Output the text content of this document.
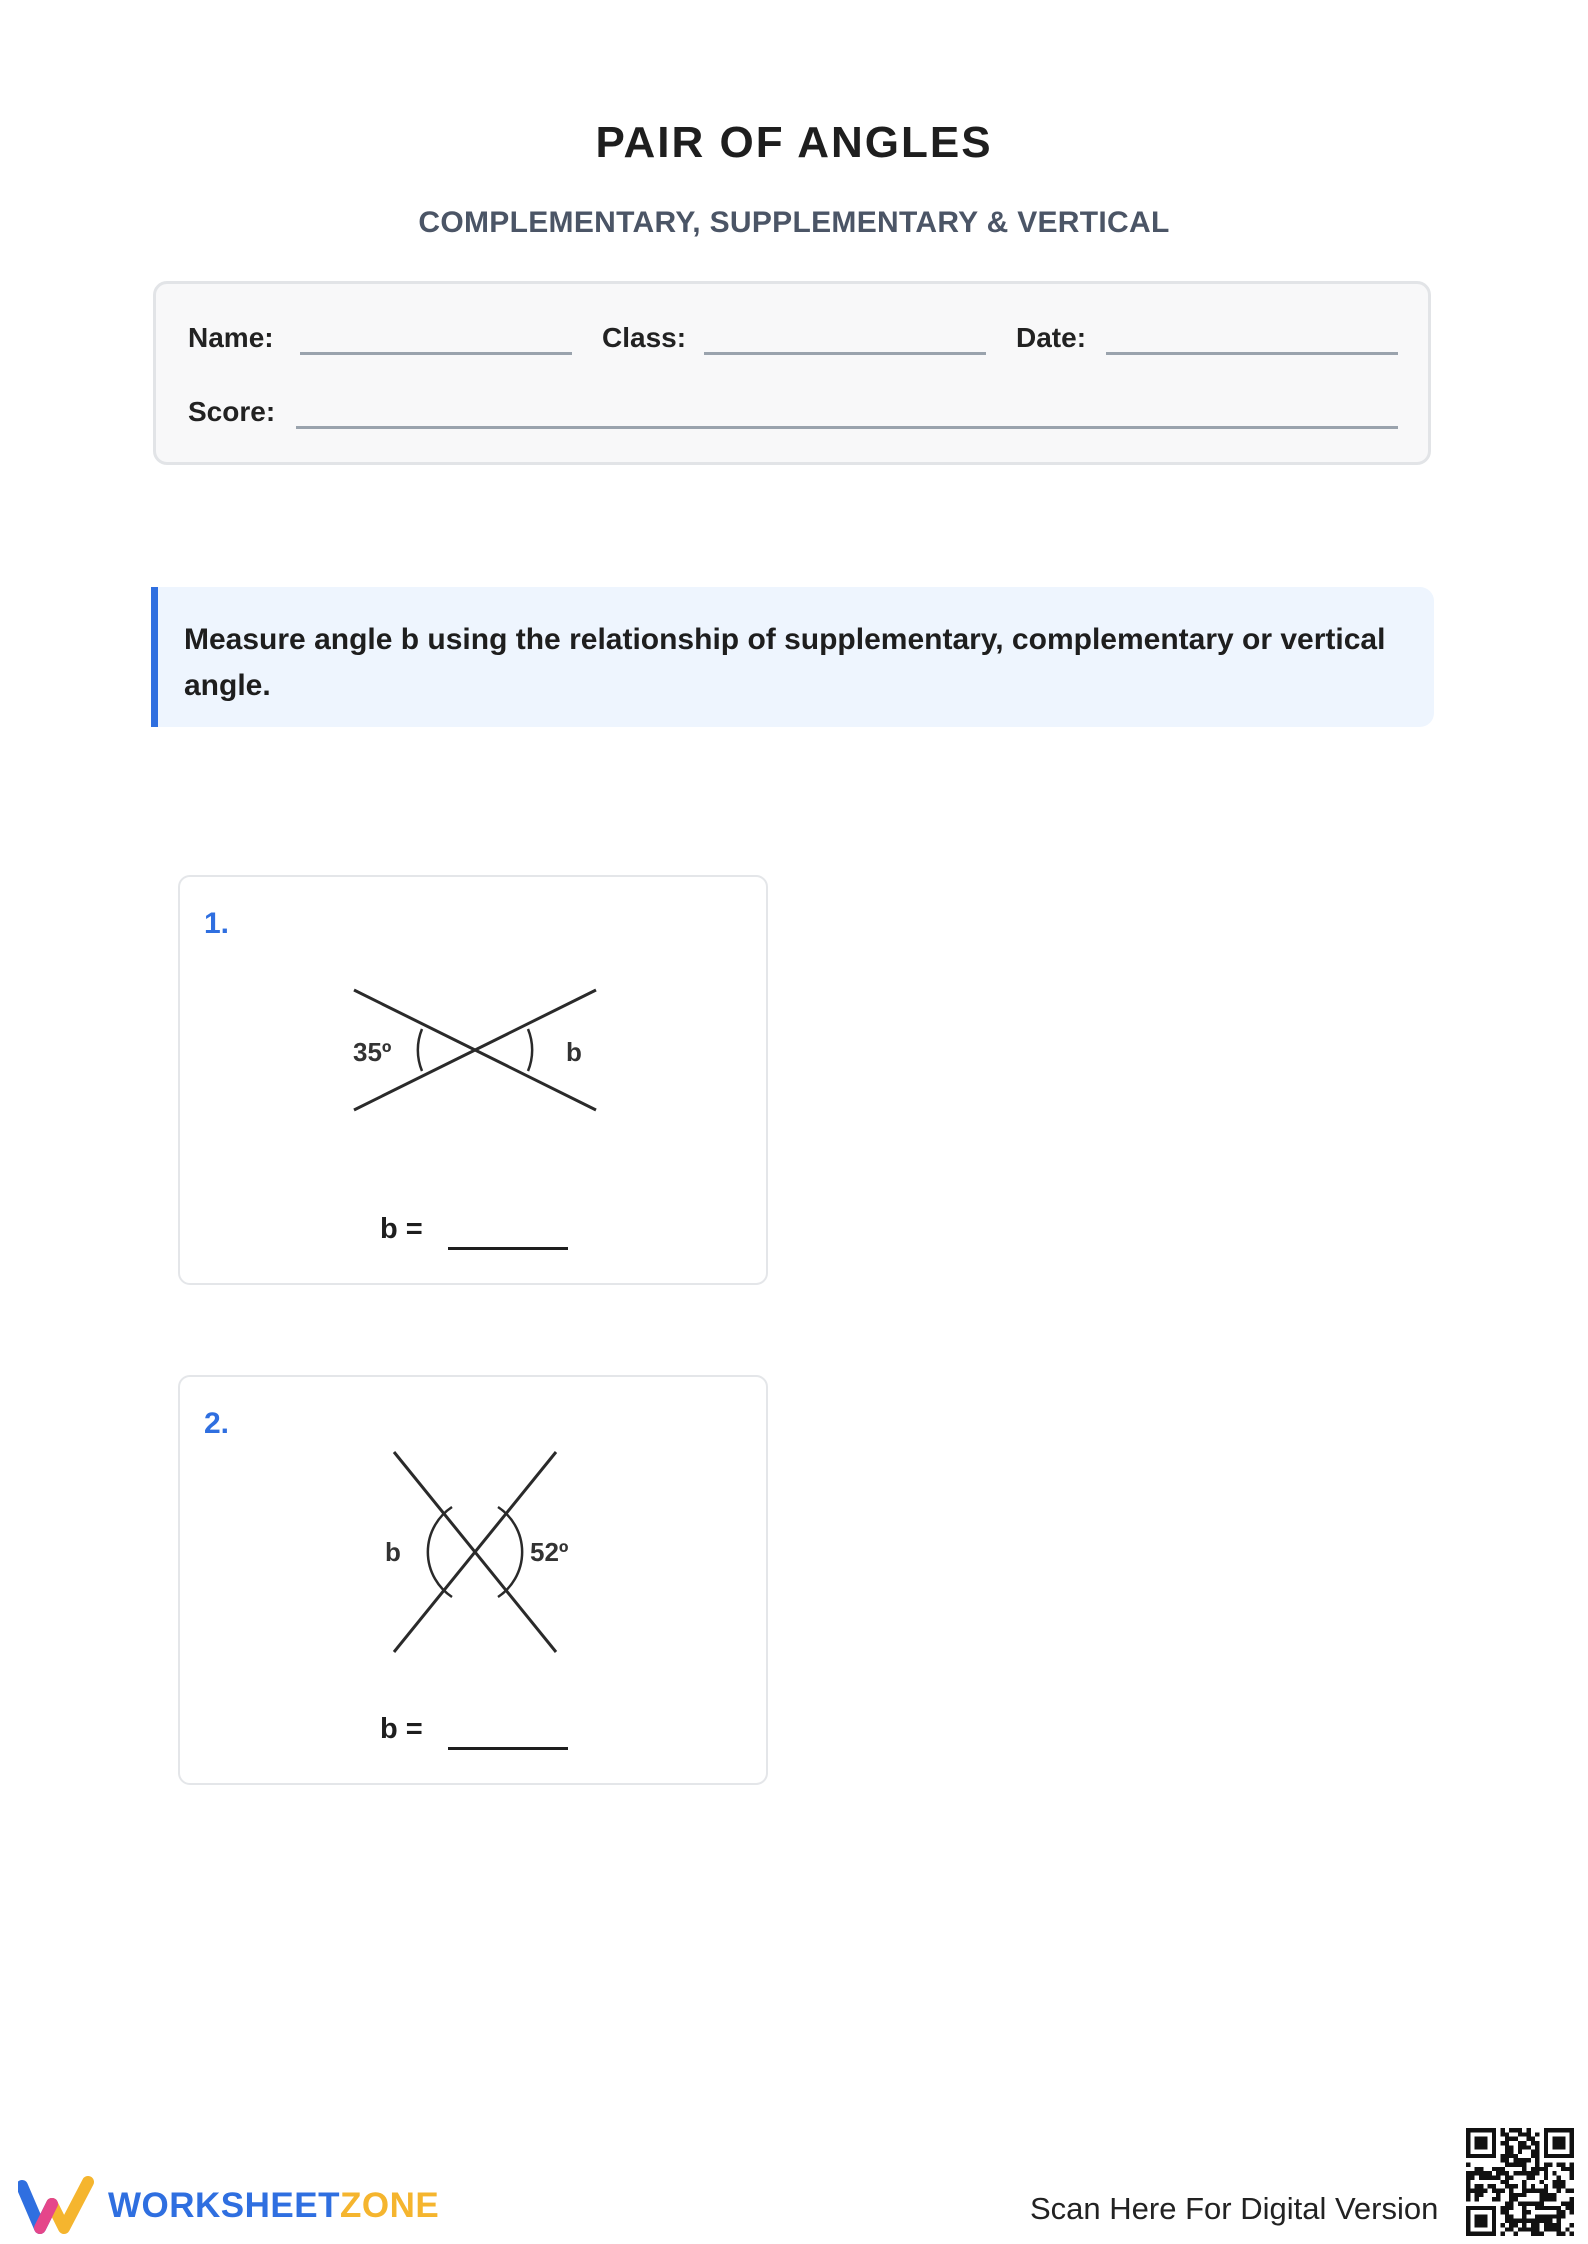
PAIR OF ANGLES
COMPLEMENTARY, SUPPLEMENTARY & VERTICAL
Name:	Class:	Date:
Score:
Measure angle b using the relationship of supplementary, complementary or vertical angle.
1.
35º	b
b =
2.
b	52º
b =
WORKSHEETZONE	Scan Here For Digital Version
